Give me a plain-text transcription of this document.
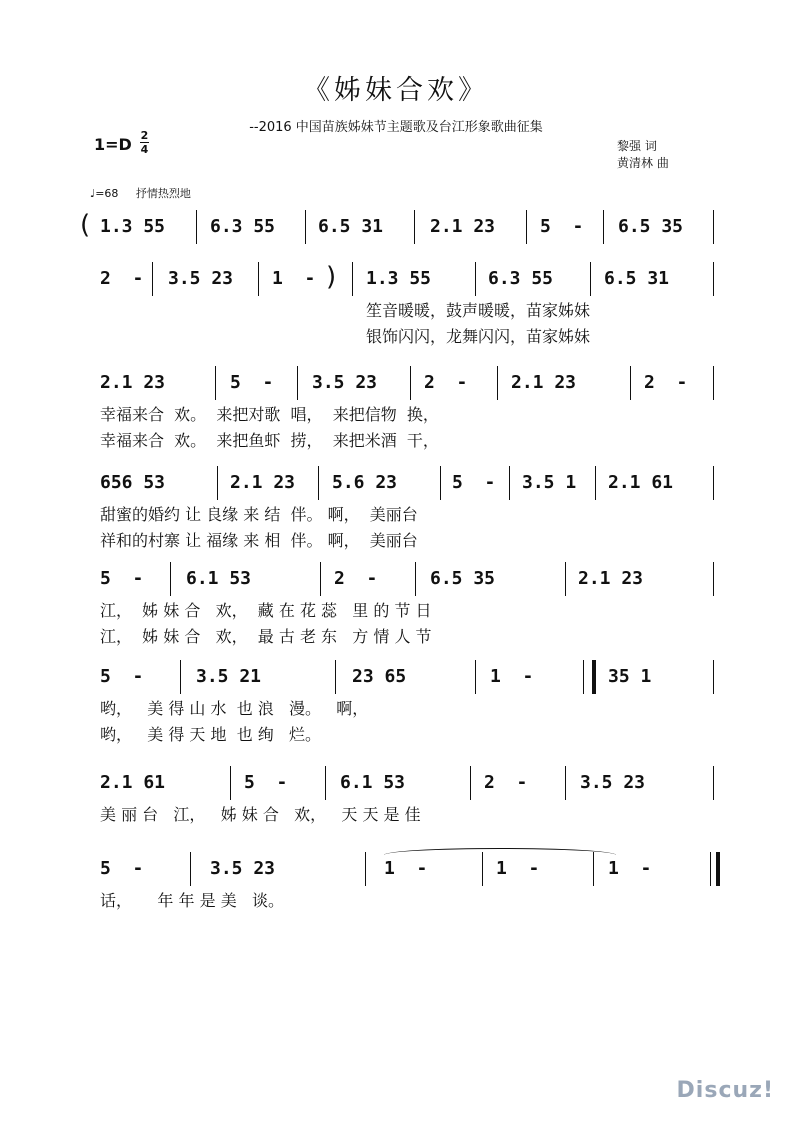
《姊妹合欢》
--2016 中国苗族姊妹节主题歌及台江形象歌曲征集
1=D 2
4	黎强 词
黄清林 曲
♩=68 抒情热烈地
( 1.3 55 6.3 55 6.5 31	2.1 23 5  - 6.5 35
2  - 3.5 23 1  -	1.3 55	6.3 55	6.5 31
)
笙音暖暖，鼓声暖暖，苗家姊妹
银饰闪闪，龙舞闪闪，苗家姊妹
2.1 23	5  - 3.5 23	2  - 2.1 23	2  -
幸福来合  欢。  来把对歌  唱，  来把信物  换，
幸福来合  欢。  来把鱼虾  捞，  来把米酒  干，
656 53	2.1 23 5.6 23	5  - 3.5 1 2.1 61
甜蜜的婚约 让 良缘 来 结  伴。 啊，  美丽台
祥和的村寨 让 福缘 来 相  伴。 啊，  美丽台
5  - 6.1 53	2  -	6.5 35	2.1 23
江，  姊 妹 合   欢，  藏 在 花 蕊   里 的 节 日
江，  姊 妹 合   欢，  最 古 老 东   方 情 人 节
5  -	3.5 21	23 65	1  -	35 1
哟，   美 得 山 水  也 浪   漫。   啊，
哟，   美 得 天 地  也 绚   烂。
2.1 61	5  -	6.1 53	2  -	3.5 23
美 丽 台   江，   姊 妹 合   欢，   天 天 是 佳
5  -	3.5 23	1  -	1  -	1  -
话，     年 年 是 美   谈。
Discuz!
